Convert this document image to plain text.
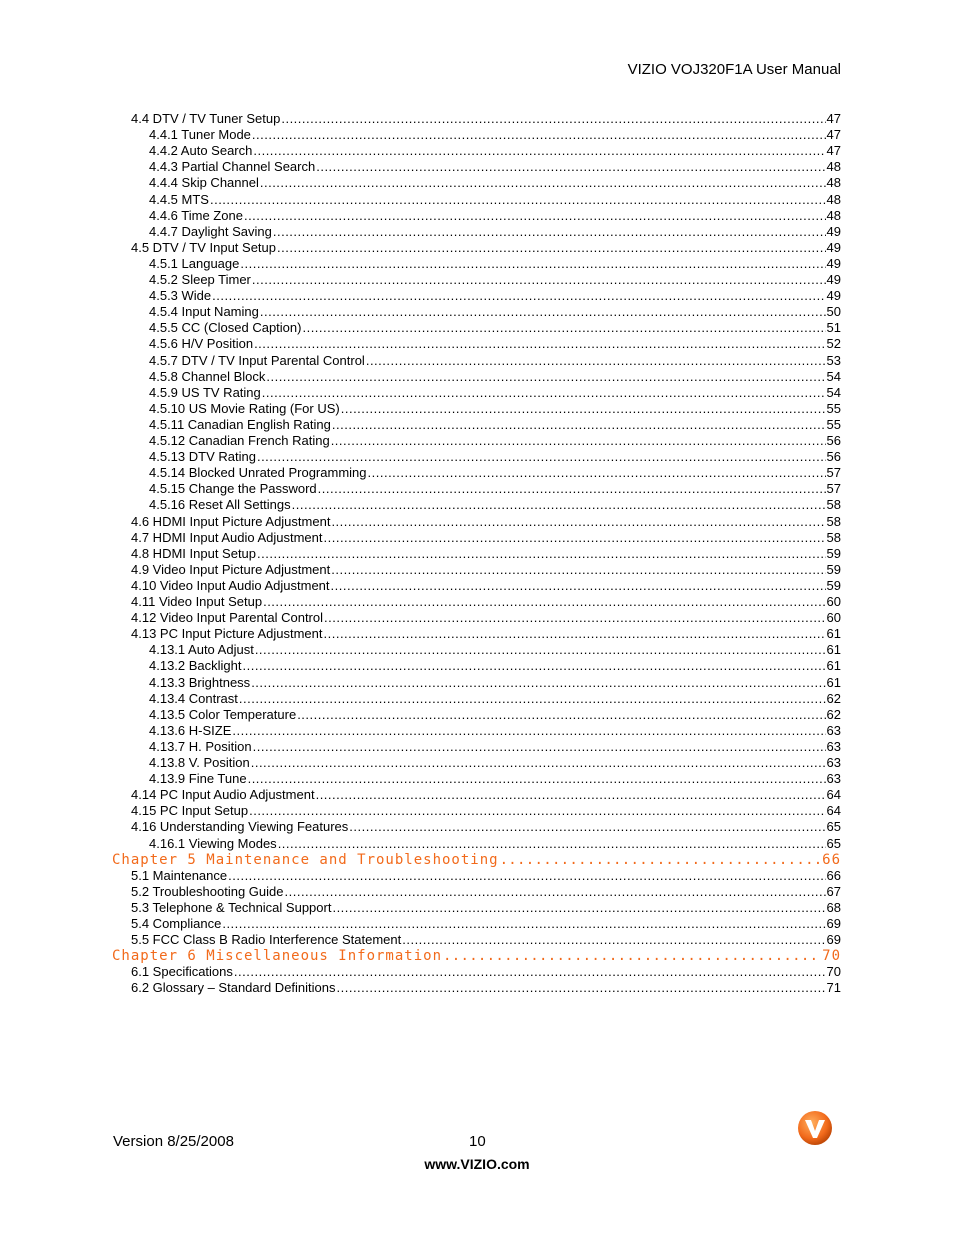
VIZIO VOJ320F1A User Manual
4.4 DTV / TV Tuner Setup .....	47
4.4.1 Tuner Mode .....	47
4.4.2 Auto Search .....	47
4.4.3 Partial Channel Search .....	48
4.4.4 Skip Channel .....	48
4.4.5 MTS .....	48
4.4.6 Time Zone .....	48
4.4.7 Daylight Saving .....	49
4.5 DTV / TV Input Setup .....	49
4.5.1 Language .....	49
4.5.2 Sleep Timer .....	49
4.5.3 Wide .....	49
4.5.4 Input Naming .....	50
4.5.5 CC (Closed Caption) .....	51
4.5.6 H/V Position .....	52
4.5.7 DTV / TV Input Parental Control .....	53
4.5.8 Channel Block .....	54
4.5.9 US TV Rating .....	54
4.5.10 US Movie Rating (For US) .....	55
4.5.11 Canadian English Rating .....	55
4.5.12 Canadian French Rating .....	56
4.5.13 DTV Rating .....	56
4.5.14 Blocked Unrated Programming .....	57
4.5.15 Change the Password .....	57
4.5.16 Reset All Settings .....	58
4.6 HDMI Input Picture Adjustment .....	58
4.7 HDMI Input Audio Adjustment .....	58
4.8 HDMI Input Setup .....	59
4.9 Video Input Picture Adjustment .....	59
4.10 Video Input Audio Adjustment .....	59
4.11 Video Input Setup .....	60
4.12 Video Input Parental Control .....	60
4.13 PC Input Picture Adjustment .....	61
4.13.1 Auto Adjust .....	61
4.13.2 Backlight .....	61
4.13.3 Brightness .....	61
4.13.4 Contrast .....	62
4.13.5 Color Temperature .....	62
4.13.6 H-SIZE .....	63
4.13.7 H. Position .....	63
4.13.8 V. Position .....	63
4.13.9 Fine Tune .....	63
4.14 PC Input Audio Adjustment .....	64
4.15 PC Input Setup .....	64
4.16 Understanding Viewing Features .....	65
4.16.1 Viewing Modes .....	65
Chapter 5 Maintenance and Troubleshooting .....	66
5.1 Maintenance .....	66
5.2 Troubleshooting Guide .....	67
5.3 Telephone & Technical Support .....	68
5.4 Compliance .....	69
5.5 FCC Class B Radio Interference Statement .....	69
Chapter 6 Miscellaneous Information .....	70
6.1 Specifications .....	70
6.2 Glossary – Standard Definitions .....	71
Version 8/25/2008	10
www.VIZIO.com
